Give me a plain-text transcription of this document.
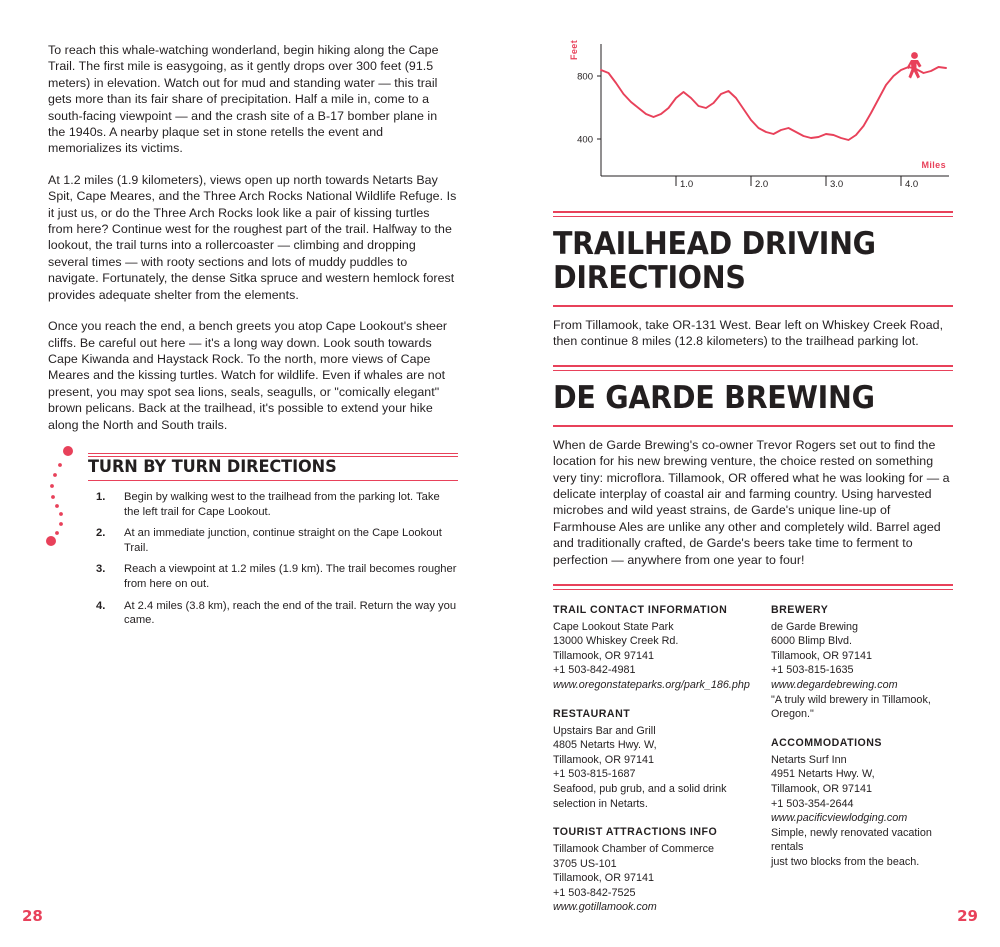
To reach this whale-watching wonderland, begin hiking along the Cape Trail. The first mile is easygoing, as it gently drops over 300 feet (91.5 meters) in elevation. Watch out for mud and standing water — this trail gets more than its fair share of precipitation. Half a mile in, come to a south-facing viewpoint — and the crash site of a B-17 bomber plane in the 1940s. A nearby plaque set in stone retells the event and memorializes its victims.

At 1.2 miles (1.9 kilometers), views open up north towards Netarts Bay Spit, Cape Meares, and the Three Arch Rocks National Wildlife Refuge. Is it just us, or do the Three Arch Rocks look like a pair of kissing turtles from here? Continue west for the roughest part of the trail. Halfway to the lookout, the trail turns into a rollercoaster — climbing and dropping several times — with rooty sections and lots of muddy puddles to navigate. Fortunately, the dense Sitka spruce and western hemlock forest provides adequate shelter from the elements.

Once you reach the end, a bench greets you atop Cape Lookout's sheer cliffs. Be careful out here — it's a long way down. Look south towards Cape Kiwanda and Haystack Rock. To the north, more views of Cape Meares and the kissing turtles. Watch for wildlife. Even if whales are not present, you may spot sea lions, seals, seagulls, or "comically elegant" brown pelicans. Back at the trailhead, it's possible to extend your hike along the North and South trails.

TURN BY TURN DIRECTIONS
1. Begin by walking west to the trailhead from the parking lot. Take the left trail for Cape Lookout.
2. At an immediate junction, continue straight on the Cape Lookout Trail.
3. Reach a viewpoint at 1.2 miles (1.9 km). The trail becomes rougher from here on out.
4. At 2.4 miles (3.8 km), reach the end of the trail. Return the way you came.
Feet
Miles
800
400
1.0	2.0	3.0	4.0
TRAILHEAD DRIVING DIRECTIONS

From Tillamook, take OR-131 West. Bear left on Whiskey Creek Road, then continue 8 miles (12.8 kilometers) to the trailhead parking lot.

DE GARDE BREWING

When de Garde Brewing's co-owner Trevor Rogers set out to find the location for his new brewing venture, the choice rested on something very tiny: microflora. Tillamook, OR offered what he was looking for — a delicate interplay of coastal air and farming country. Using harvested microbes and wild yeast strains, de Garde's unique line-up of Farmhouse Ales are unlike any other and completely wild. Barrel aged and traditionally crafted, de Garde's beers take time to ferment to perfection — anywhere from one year to four!

TRAIL CONTACT INFORMATION

Cape Lookout State Park

13000 Whiskey Creek Rd.

Tillamook, OR 97141

+1 503-842-4981

www.oregonstateparks.org/park_186.php

RESTAURANT

Upstairs Bar and Grill

4805 Netarts Hwy. W,

Tillamook, OR 97141

+1 503-815-1687

Seafood, pub grub, and a solid drink

selection in Netarts.

TOURIST ATTRACTIONS INFO

Tillamook Chamber of Commerce

3705 US-101

Tillamook, OR 97141

+1 503-842-7525

www.gotillamook.com

BREWERY

de Garde Brewing

6000 Blimp Blvd.

Tillamook, OR 97141

+1 503-815-1635

www.degardebrewing.com

"A truly wild brewery in Tillamook,

Oregon."

ACCOMMODATIONS

Netarts Surf Inn

4951 Netarts Hwy. W,

Tillamook, OR 97141

+1 503-354-2644

www.pacificviewlodging.com

Simple, newly renovated vacation rentals

just two blocks from the beach.

28	29
